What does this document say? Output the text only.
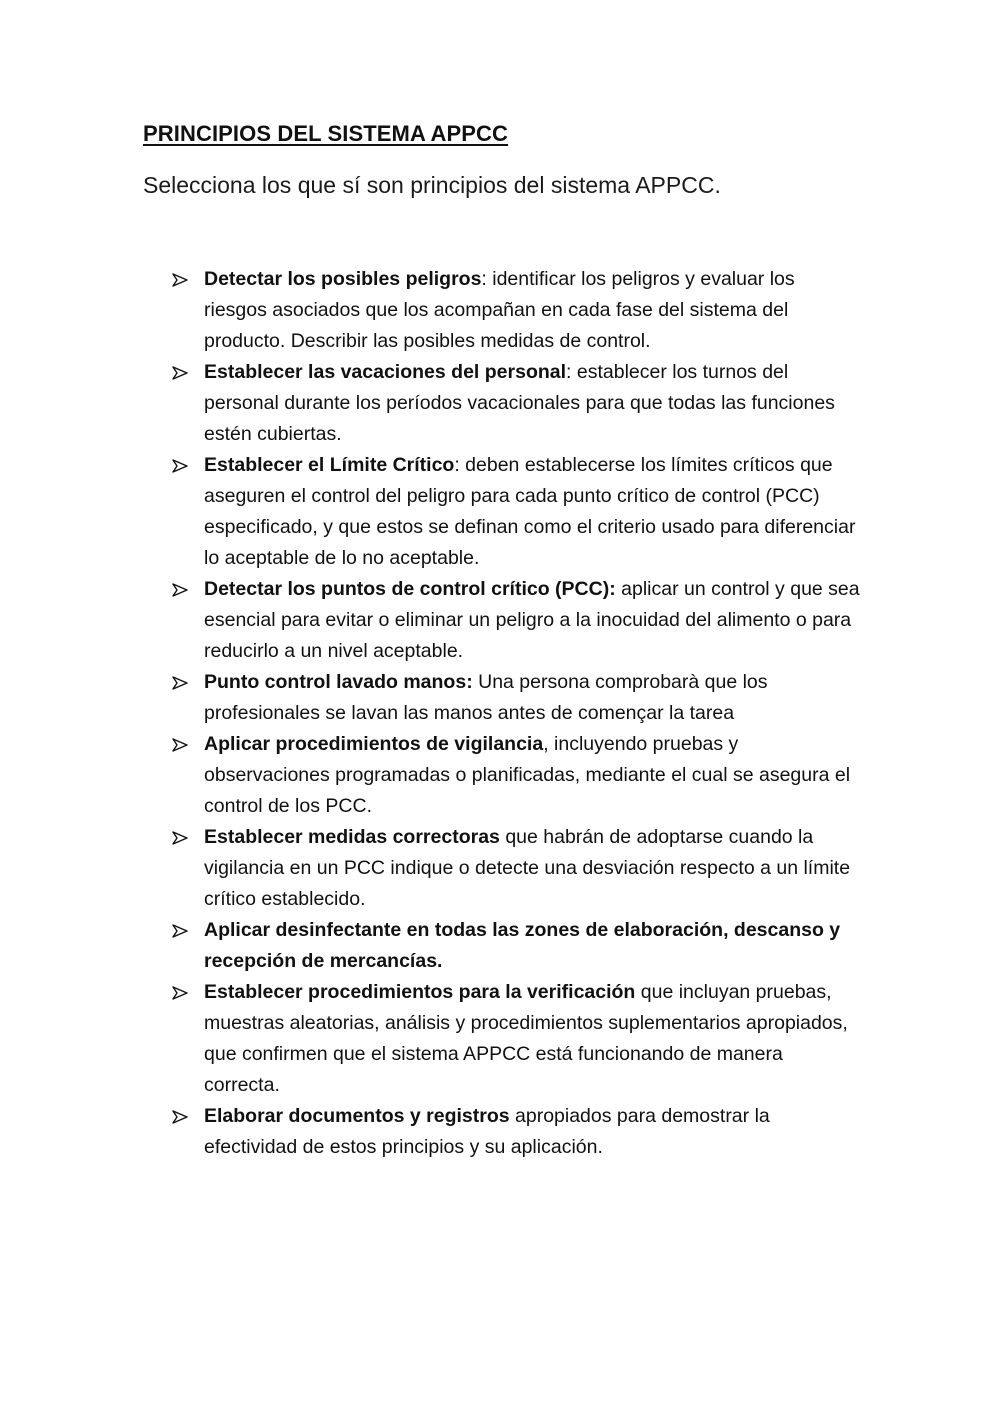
PRINCIPIOS DEL SISTEMA APPCC

Selecciona los que sí son principios del sistema APPCC.

Detectar los posibles peligros: identificar los peligros y evaluar los riesgos asociados que los acompañan en cada fase del sistema del producto. Describir las posibles medidas de control.
Establecer las vacaciones del personal: establecer los turnos del personal durante los períodos vacacionales para que todas las funciones estén cubiertas.
Establecer el Límite Crítico: deben establecerse los límites críticos que aseguren el control del peligro para cada punto crítico de control (PCC) especificado, y que estos se definan como el criterio usado para diferenciar lo aceptable de lo no aceptable.
Detectar los puntos de control crítico (PCC): aplicar un control y que sea esencial para evitar o eliminar un peligro a la inocuidad del alimento o para reducirlo a un nivel aceptable.
Punto control lavado manos: Una persona comprobarà que los profesionales se lavan las manos antes de començar la tarea
Aplicar procedimientos de vigilancia, incluyendo pruebas y observaciones programadas o planificadas, mediante el cual se asegura el control de los PCC.
Establecer medidas correctoras que habrán de adoptarse cuando la vigilancia en un PCC indique o detecte una desviación respecto a un límite crítico establecido.
Aplicar desinfectante en todas las zones de elaboración, descanso y recepción de mercancías.
Establecer procedimientos para la verificación que incluyan pruebas, muestras aleatorias, análisis y procedimientos suplementarios apropiados, que confirmen que el sistema APPCC está funcionando de manera correcta.
Elaborar documentos y registros apropiados para demostrar la efectividad de estos principios y su aplicación.
